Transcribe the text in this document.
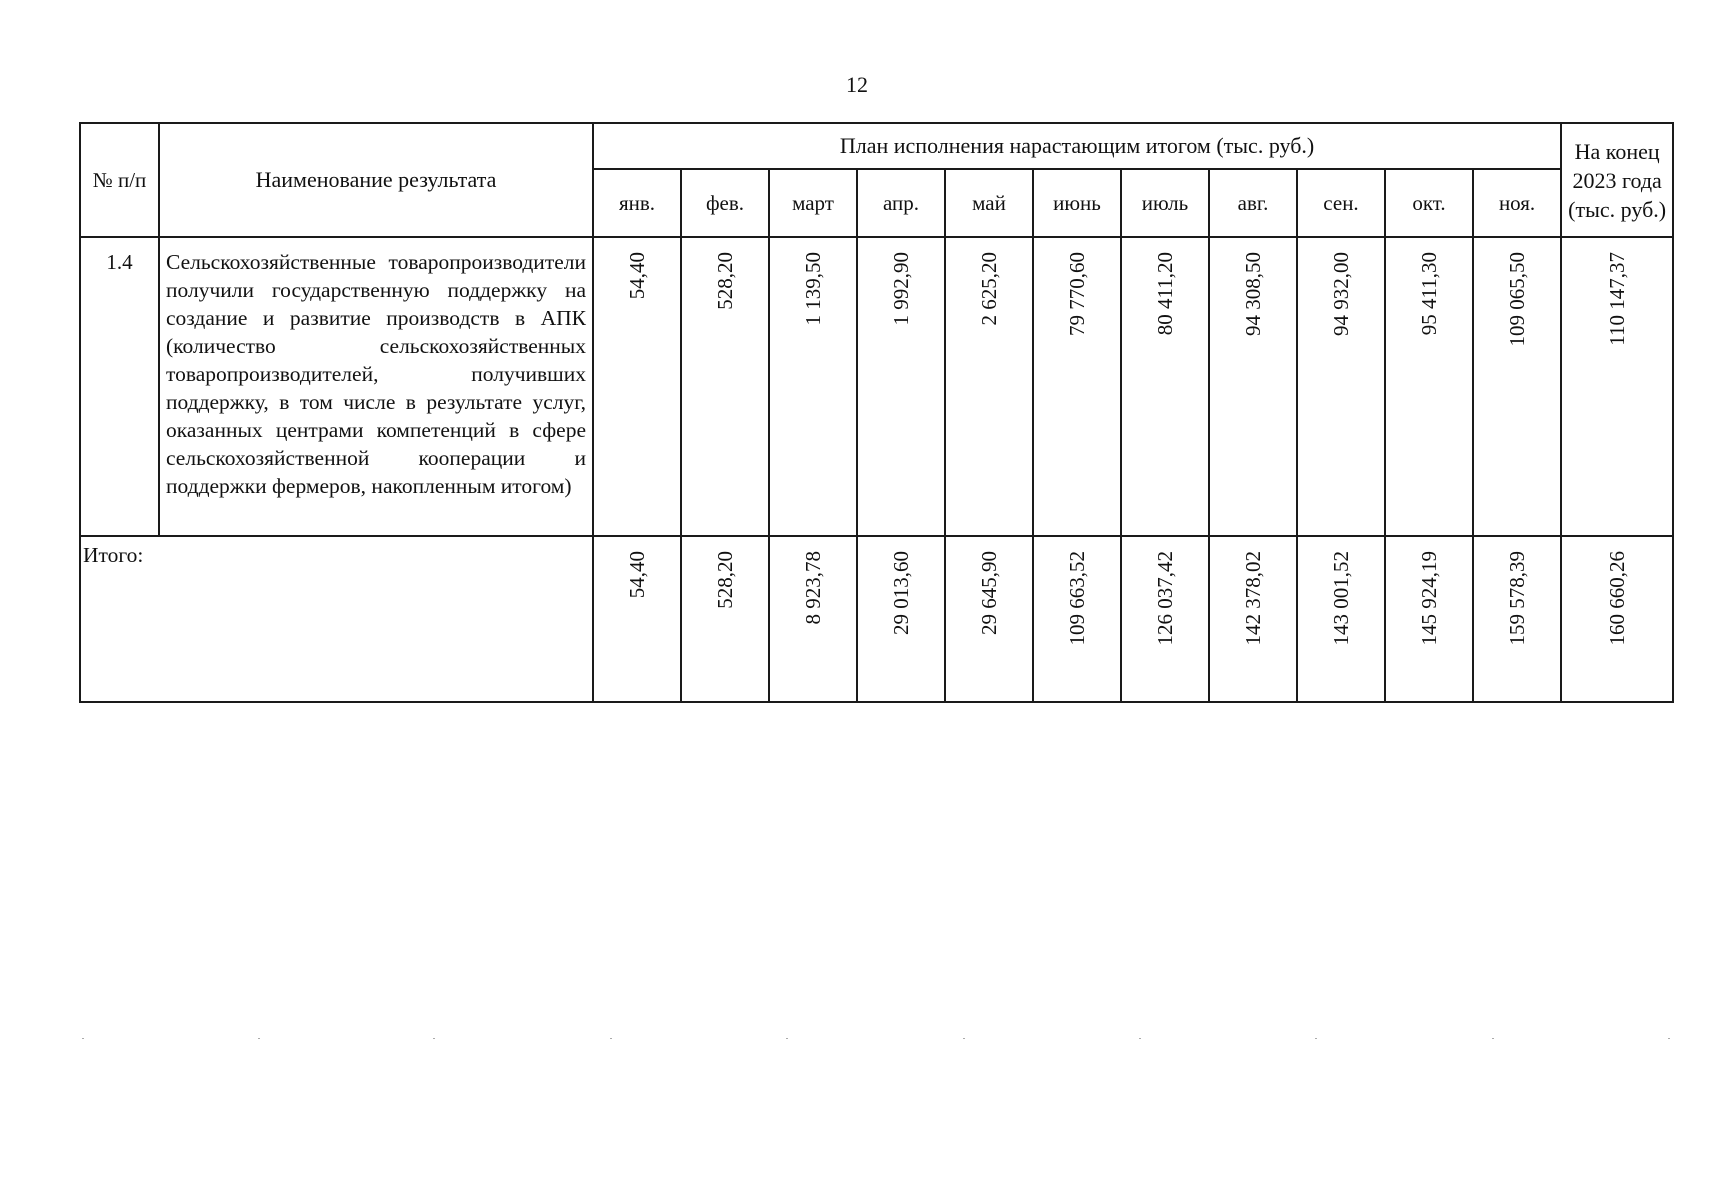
12
№ п/п	Наименование результата	План исполнения нарастающим итогом (тыс. руб.)											На конец
2023 года
(тыс. руб.)
		янв.	фев.	март	апр.	май	июнь	июль	авг.	сен.	окт.	ноя.	
1.4	Сельскохозяйственные товаропроизводители получили государственную поддержку на создание и развитие производств в АПК (количество сельскохозяйственных товаропроизводителей, получивших поддержку, в том числе в результате услуг, оказанных центрами компетенций в сфере сельскохозяйственной кооперации и поддержки фермеров, накопленным итогом)	54,40	528,20	1 139,50	1 992,90	2 625,20	79 770,60	80 411,20	94 308,50	94 932,00	95 411,30	109 065,50	110 147,37
Итого:		54,40	528,20	8 923,78	29 013,60	29 645,90	109 663,52	126 037,42	142 378,02	143 001,52	145 924,19	159 578,39	160 660,26
